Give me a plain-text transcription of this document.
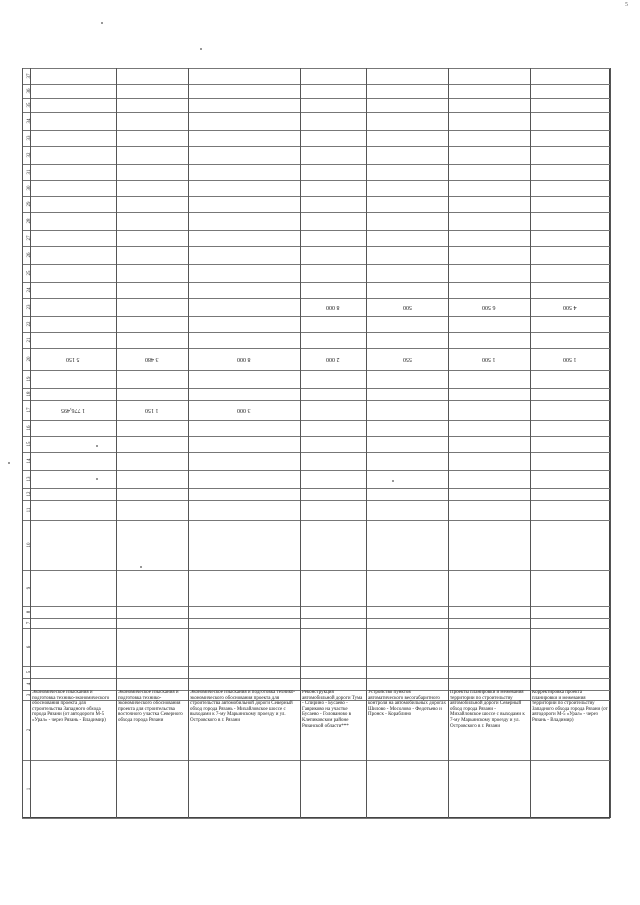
1
2
3
4
5
6
7
8
9
10
11
12
13
14
15
16
17
18
19
20
21
22
23
24
25
26
27
28
29
30
31
32
33
34
35
36
37
Экономическое изыскания и подготовка технико-экономического обоснования проекта для строительства Западного обхода города Рязани (от автодороги М-5 «Урал» - через Рязань - Владимир)
Экономическое изыскания и подготовка технико-экономического обоснования проекта для строительства восточного участка Северного обхода города Рязани
Экономическое изыскания и подготовка технико-экономического обоснования проекта для строительства автомобильной дороги Северный обход города Рязань - Михайловское шоссе с выходами к 7-му Марьинскому проезду и ул. Островского в г. Рязани
Реконструкция автомобильной дороги Тума - Спирино - Бусаево - Гавриково на участке Бусаево - Голованово в Клепиковском районе Рязанской области***
Устройство пунктов автоматического весогабаритного контроля на автомобильных дорогах Шилово - Мосолово - Федотьево и Пронск - Кораблино
Проекты планировки и межевания территории по строительству автомобильной дороги Северный обход города Рязани - Михайловское шоссе с выходами к 7-му Марьинскому проезду и ул. Островского в г. Рязани
Корректировка проекта планировки и межевания территории по строительству Западного обхода города Рязани (от автодороги М-5 «Урал» - через Рязань - Владимир)
1 776,495
5 150
1 150
3 480
3 000
8 000	2 000
8 000
550
500
1 500
6 500
1 500
4 500
5
